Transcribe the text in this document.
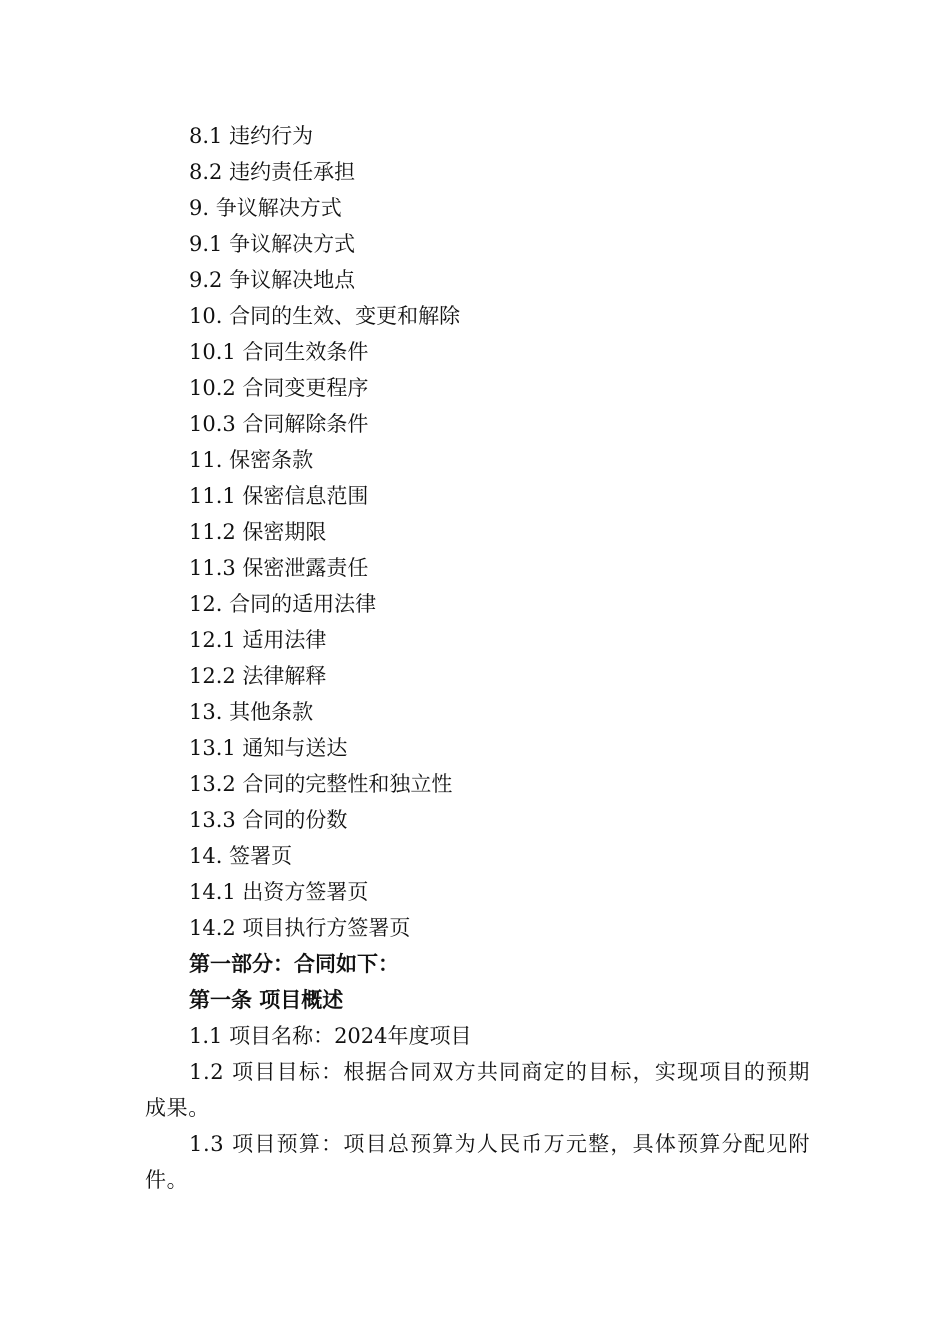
8.1 违约行为
8.2 违约责任承担
9. 争议解决方式
9.1 争议解决方式
9.2 争议解决地点
10. 合同的生效、变更和解除
10.1 合同生效条件
10.2 合同变更程序
10.3 合同解除条件
11. 保密条款
11.1 保密信息范围
11.2 保密期限
11.3 保密泄露责任
12. 合同的适用法律
12.1 适用法律
12.2 法律解释
13. 其他条款
13.1 通知与送达
13.2 合同的完整性和独立性
13.3 合同的份数
14. 签署页
14.1 出资方签署页
14.2 项目执行方签署页
第一部分：合同如下：
第一条 项目概述
1.1 项目名称：2024年度项目
1.2 项目目标：根据合同双方共同商定的目标，实现项目的预期成果。
1.3 项目预算：项目总预算为人民币万元整，具体预算分配见附件。
